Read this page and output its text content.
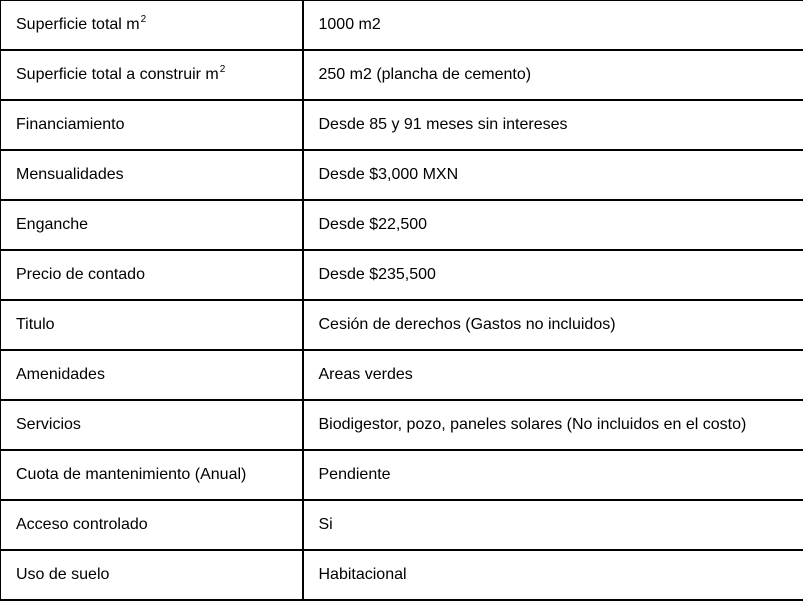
Superficie total $m^2$	1000 m2
Superficie total a construir $m^2$	250 m2 (plancha de cemento)
Financiamiento	Desde 85 y 91 meses sin intereses
Mensualidades	Desde $3,000 MXN
Enganche	Desde $22,500
Precio de contado	Desde $235,500
Titulo	Cesión de derechos (Gastos no incluidos)
Amenidades	Areas verdes
Servicios	Biodigestor, pozo, paneles solares (No incluidos en el costo)
Cuota de mantenimiento (Anual)	Pendiente
Acceso controlado	Si
Uso de suelo	Habitacional
